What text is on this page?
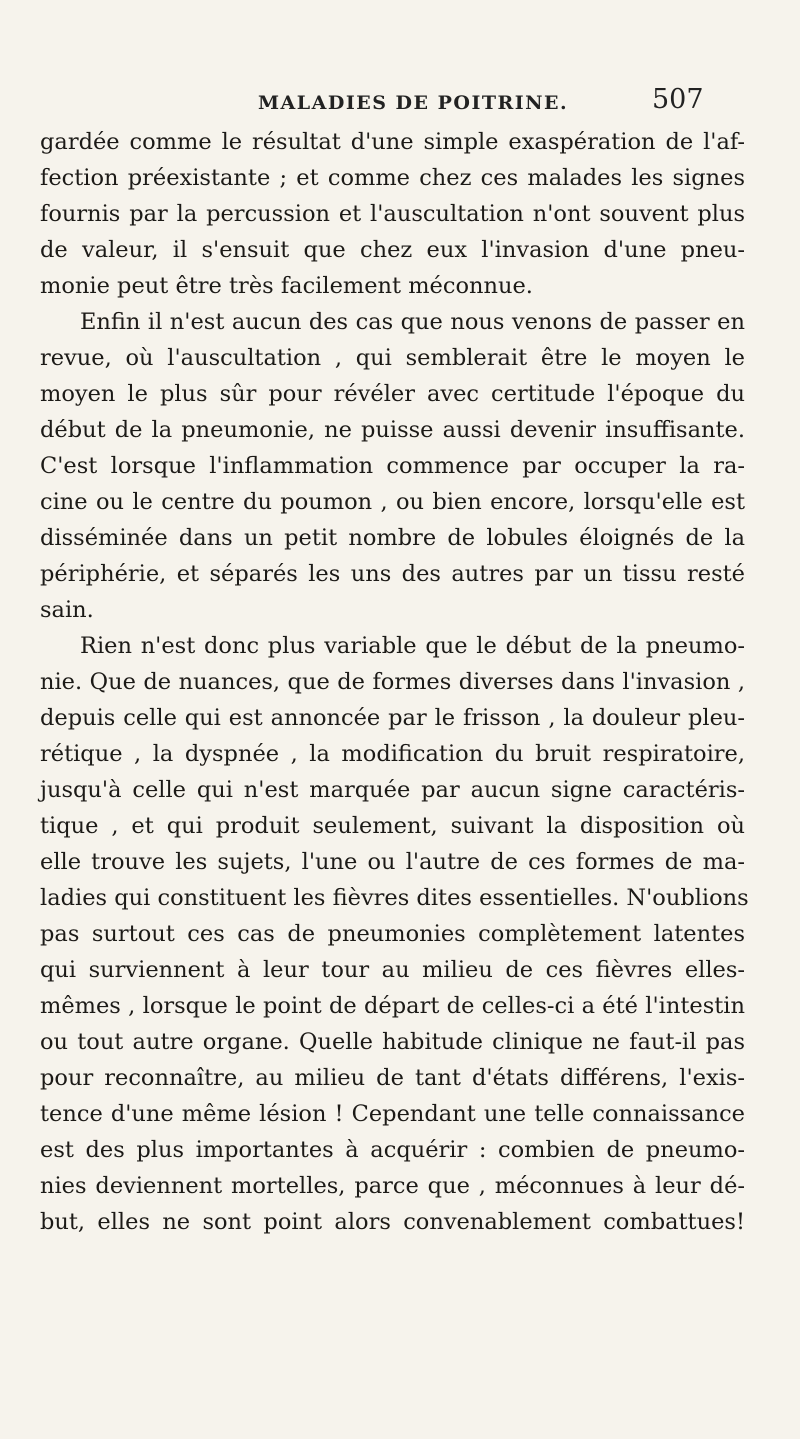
MALADIES DE POITRINE.	507
gardée comme le résultat d'une simple exaspération de l'af-
fection préexistante ; et comme chez ces malades les signes
fournis par la percussion et l'auscultation n'ont souvent plus
de valeur, il s'ensuit que chez eux l'invasion d'une pneu-
monie peut être très facilement méconnue.
Enfin il n'est aucun des cas que nous venons de passer en
revue, où l'auscultation , qui semblerait être le moyen le
moyen le plus sûr pour révéler avec certitude l'époque du
début de la pneumonie, ne puisse aussi devenir insuffisante.
C'est lorsque l'inflammation commence par occuper la ra-
cine ou le centre du poumon , ou bien encore, lorsqu'elle est
disséminée dans un petit nombre de lobules éloignés de la
périphérie, et séparés les uns des autres par un tissu resté
sain.
Rien n'est donc plus variable que le début de la pneumo-
nie. Que de nuances, que de formes diverses dans l'invasion ,
depuis celle qui est annoncée par le frisson , la douleur pleu-
rétique , la dyspnée , la modification du bruit respiratoire,
jusqu'à celle qui n'est marquée par aucun signe caractéris-
tique , et qui produit seulement, suivant la disposition où
elle trouve les sujets, l'une ou l'autre de ces formes de ma-
ladies qui constituent les fièvres dites essentielles. N'oublions
pas surtout ces cas de pneumonies complètement latentes
qui surviennent à leur tour au milieu de ces fièvres elles-
mêmes , lorsque le point de départ de celles-ci a été l'intestin
ou tout autre organe. Quelle habitude clinique ne faut-il pas
pour reconnaître, au milieu de tant d'états différens, l'exis-
tence d'une même lésion ! Cependant une telle connaissance
est des plus importantes à acquérir : combien de pneumo-
nies deviennent mortelles, parce que , méconnues à leur dé-
but, elles ne sont point alors convenablement combattues!
